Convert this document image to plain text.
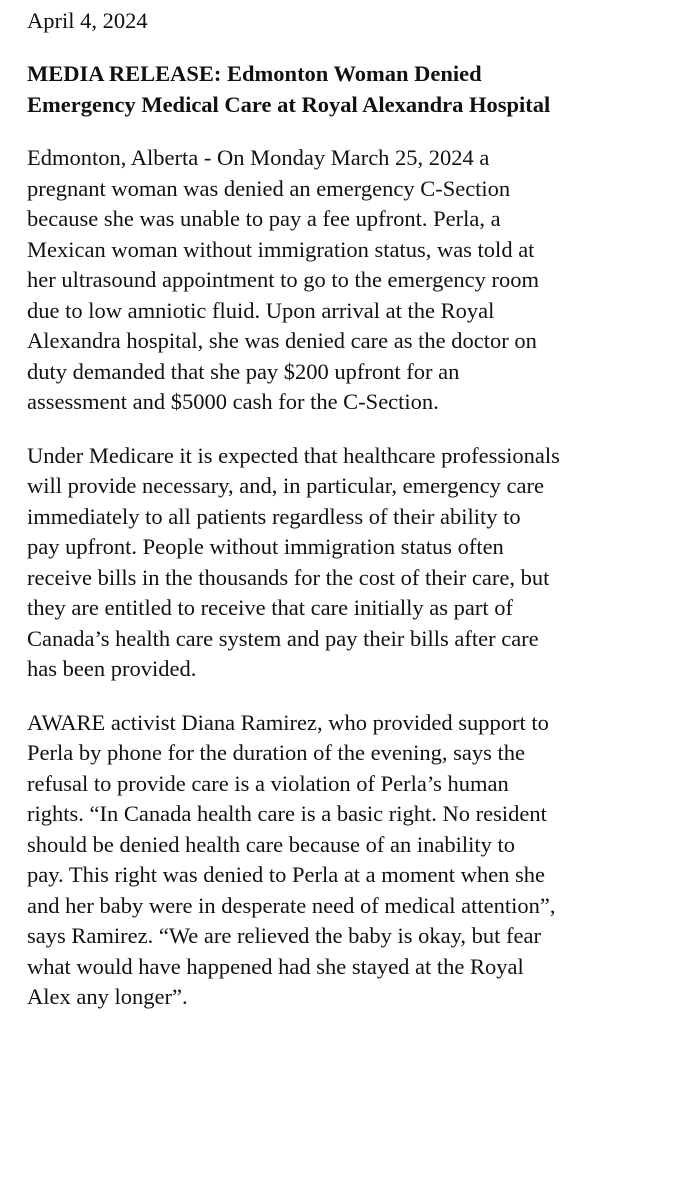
April 4, 2024
MEDIA RELEASE: Edmonton Woman Denied
Emergency Medical Care at Royal Alexandra Hospital
Edmonton, Alberta - On Monday March 25, 2024 a
pregnant woman was denied an emergency C-Section
because she was unable to pay a fee upfront. Perla, a
Mexican woman without immigration status, was told at
her ultrasound appointment to go to the emergency room
due to low amniotic fluid. Upon arrival at the Royal
Alexandra hospital, she was denied care as the doctor on
duty demanded that she pay $200 upfront for an
assessment and $5000 cash for the C-Section.
Under Medicare it is expected that healthcare professionals
will provide necessary, and, in particular, emergency care
immediately to all patients regardless of their ability to
pay upfront. People without immigration status often
receive bills in the thousands for the cost of their care, but
they are entitled to receive that care initially as part of
Canada’s health care system and pay their bills after care
has been provided.
AWARE activist Diana Ramirez, who provided support to
Perla by phone for the duration of the evening, says the
refusal to provide care is a violation of Perla’s human
rights. “In Canada health care is a basic right. No resident
should be denied health care because of an inability to
pay. This right was denied to Perla at a moment when she
and her baby were in desperate need of medical attention”,
says Ramirez. “We are relieved the baby is okay, but fear
what would have happened had she stayed at the Royal
Alex any longer”.
